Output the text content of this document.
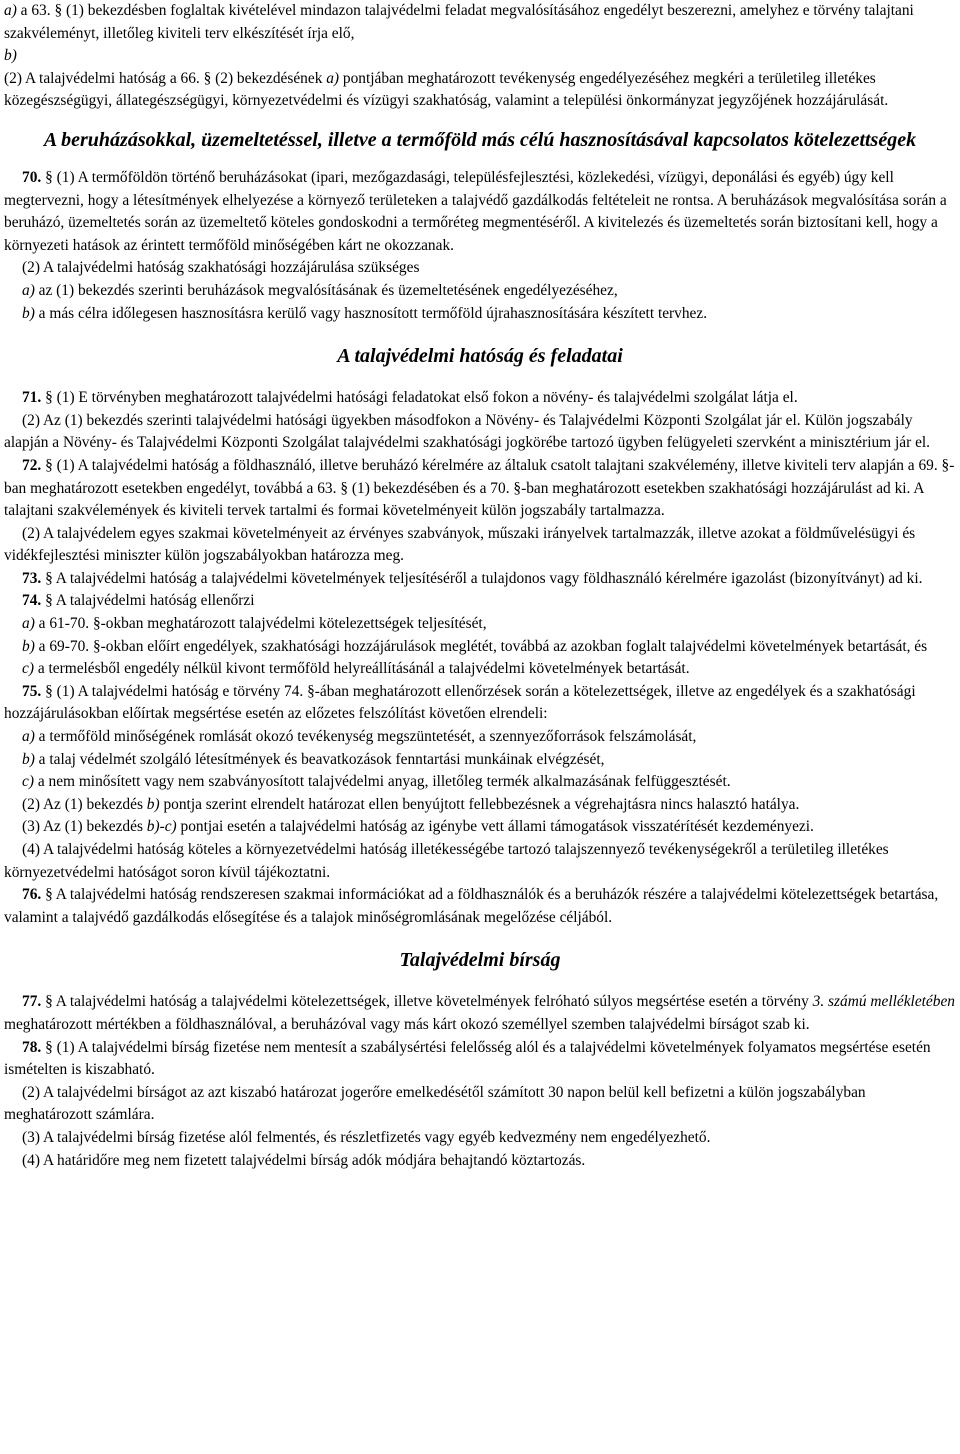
a) a 63. § (1) bekezdésben foglaltak kivételével mindazon talajvédelmi feladat megvalósításához engedélyt beszerezni, amelyhez e törvény talajtani szakvéleményt, illetőleg kiviteli terv elkészítését írja elő,

b)

(2) A talajvédelmi hatóság a 66. § (2) bekezdésének a) pontjában meghatározott tevékenység engedélyezéséhez megkéri a területileg illetékes közegészségügyi, állategészségügyi, környezetvédelmi és vízügyi szakhatóság, valamint a települési önkormányzat jegyzőjének hozzájárulását.

A beruházásokkal, üzemeltetéssel, illetve a termőföld más célú hasznosításával kapcsolatos kötelezettségek

70. § (1) A termőföldön történő beruházásokat (ipari, mezőgazdasági, településfejlesztési, közlekedési, vízügyi, deponálási és egyéb) úgy kell megtervezni, hogy a létesítmények elhelyezése a környező területeken a talajvédő gazdálkodás feltételeit ne rontsa. A beruházások megvalósítása során a beruházó, üzemeltetés során az üzemeltető köteles gondoskodni a termőréteg megmentéséről. A kivitelezés és üzemeltetés során biztosítani kell, hogy a környezeti hatások az érintett termőföld minőségében kárt ne okozzanak.

(2) A talajvédelmi hatóság szakhatósági hozzájárulása szükséges

a) az (1) bekezdés szerinti beruházások megvalósításának és üzemeltetésének engedélyezéséhez,

b) a más célra időlegesen hasznosításra kerülő vagy hasznosított termőföld újrahasznosítására készített tervhez.

A talajvédelmi hatóság és feladatai

71. § (1) E törvényben meghatározott talajvédelmi hatósági feladatokat első fokon a növény- és talajvédelmi szolgálat látja el.

(2) Az (1) bekezdés szerinti talajvédelmi hatósági ügyekben másodfokon a Növény- és Talajvédelmi Központi Szolgálat jár el. Külön jogszabály alapján a Növény- és Talajvédelmi Központi Szolgálat talajvédelmi szakhatósági jogkörébe tartozó ügyben felügyeleti szervként a minisztérium jár el.

72. § (1) A talajvédelmi hatóság a földhasználó, illetve beruházó kérelmére az általuk csatolt talajtani szakvélemény, illetve kiviteli terv alapján a 69. §-ban meghatározott esetekben engedélyt, továbbá a 63. § (1) bekezdésében és a 70. §-ban meghatározott esetekben szakhatósági hozzájárulást ad ki. A talajtani szakvélemények és kiviteli tervek tartalmi és formai követelményeit külön jogszabály tartalmazza.

(2) A talajvédelem egyes szakmai követelményeit az érvényes szabványok, műszaki irányelvek tartalmazzák, illetve azokat a földművelésügyi és vidékfejlesztési miniszter külön jogszabályokban határozza meg.

73. § A talajvédelmi hatóság a talajvédelmi követelmények teljesítéséről a tulajdonos vagy földhasználó kérelmére igazolást (bizonyítványt) ad ki.

74. § A talajvédelmi hatóság ellenőrzi

a) a 61-70. §-okban meghatározott talajvédelmi kötelezettségek teljesítését,

b) a 69-70. §-okban előírt engedélyek, szakhatósági hozzájárulások meglétét, továbbá az azokban foglalt talajvédelmi követelmények betartását, és

c) a termelésből engedély nélkül kivont termőföld helyreállításánál a talajvédelmi követelmények betartását.

75. § (1) A talajvédelmi hatóság e törvény 74. §-ában meghatározott ellenőrzések során a kötelezettségek, illetve az engedélyek és a szakhatósági hozzájárulásokban előírtak megsértése esetén az előzetes felszólítást követően elrendeli:

a) a termőföld minőségének romlását okozó tevékenység megszüntetését, a szennyezőforrások felszámolását,

b) a talaj védelmét szolgáló létesítmények és beavatkozások fenntartási munkáinak elvégzését,

c) a nem minősített vagy nem szabványosított talajvédelmi anyag, illetőleg termék alkalmazásának felfüggesztését.

(2) Az (1) bekezdés b) pontja szerint elrendelt határozat ellen benyújtott fellebbezésnek a végrehajtásra nincs halasztó hatálya.

(3) Az (1) bekezdés b)-c) pontjai esetén a talajvédelmi hatóság az igénybe vett állami támogatások visszatérítését kezdeményezi.

(4) A talajvédelmi hatóság köteles a környezetvédelmi hatóság illetékességébe tartozó talajszennyező tevékenységekről a területileg illetékes környezetvédelmi hatóságot soron kívül tájékoztatni.

76. § A talajvédelmi hatóság rendszeresen szakmai információkat ad a földhasználók és a beruházók részére a talajvédelmi kötelezettségek betartása, valamint a talajvédő gazdálkodás elősegítése és a talajok minőségromlásának megelőzése céljából.

Talajvédelmi bírság

77. § A talajvédelmi hatóság a talajvédelmi kötelezettségek, illetve követelmények felróható súlyos megsértése esetén a törvény 3. számú mellékletében meghatározott mértékben a földhasználóval, a beruházóval vagy más kárt okozó személlyel szemben talajvédelmi bírságot szab ki.

78. § (1) A talajvédelmi bírság fizetése nem mentesít a szabálysértési felelősség alól és a talajvédelmi követelmények folyamatos megsértése esetén ismételten is kiszabható.

(2) A talajvédelmi bírságot az azt kiszabó határozat jogerőre emelkedésétől számított 30 napon belül kell befizetni a külön jogszabályban meghatározott számlára.

(3) A talajvédelmi bírság fizetése alól felmentés, és részletfizetés vagy egyéb kedvezmény nem engedélyezhető.

(4) A határidőre meg nem fizetett talajvédelmi bírság adók módjára behajtandó köztartozás.
